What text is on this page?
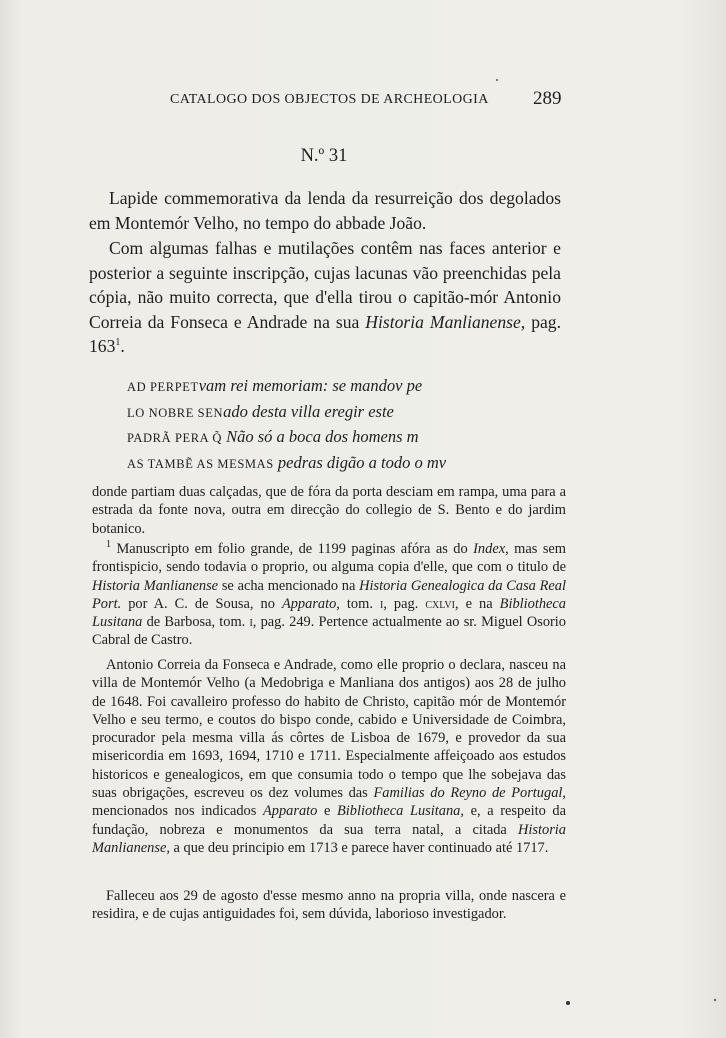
CATALOGO DOS OBJECTOS DE ARCHEOLOGIA 289
N.º 31

Lapide commemorativa da lenda da resurreição dos degolados em Montemór Velho, no tempo do abbade João.

Com algumas falhas e mutilações contêm nas faces anterior e posterior a seguinte inscripção, cujas lacunas vão preenchidas pela cópia, não muito correcta, que d'ella tirou o capitão-mór Antonio Correia da Fonseca e Andrade na sua Historia Manlianense, pag. $163^1$.

AD PERPETvam rei memoriam: se mandov pe
LO NOBRE SENado desta villa eregir este
PADRÃ PERA Q̃ Não só a boca dos homens m
AS TAMBẼ AS MESMAS pedras digão a todo o mv

donde partiam duas calçadas, que de fóra da porta desciam em rampa, uma para a estrada da fonte nova, outra em direcção do collegio de S. Bento e do jardim botanico.

$^1$ Manuscripto em folio grande, de 1199 paginas afóra as do Index, mas sem frontispicio, sendo todavia o proprio, ou alguma copia d'elle, que com o titulo de Historia Manlianense se acha mencionado na Historia Genealogica da Casa Real Port. por A. C. de Sousa, no Apparato, tom. i, pag. cxlvi, e na Bibliotheca Lusitana de Barbosa, tom. i, pag. 249. Pertence actualmente ao sr. Miguel Osorio Cabral de Castro.

Antonio Correia da Fonseca e Andrade, como elle proprio o declara, nasceu na villa de Montemór Velho (a Medobriga e Manliana dos antigos) aos 28 de julho de 1648. Foi cavalleiro professo do habito de Christo, capitão mór de Montemór Velho e seu termo, e coutos do bispo conde, cabido e Universidade de Coimbra, procurador pela mesma villa ás côrtes de Lisboa de 1679, e provedor da sua misericordia em 1693, 1694, 1710 e 1711. Especialmente affeiçoado aos estudos historicos e genealogicos, em que consumia todo o tempo que lhe sobejava das suas obrigações, escreveu os dez volumes das Familias do Reyno de Portugal, mencionados nos indicados Apparato e Bibliotheca Lusitana, e, a respeito da fundação, nobreza e monumentos da sua terra natal, a citada Historia Manlianense, a que deu principio em 1713 e parece haver continuado até 1717.

Falleceu aos 29 de agosto d'esse mesmo anno na propria villa, onde nascera e residira, e de cujas antiguidades foi, sem dúvida, laborioso investigador.
